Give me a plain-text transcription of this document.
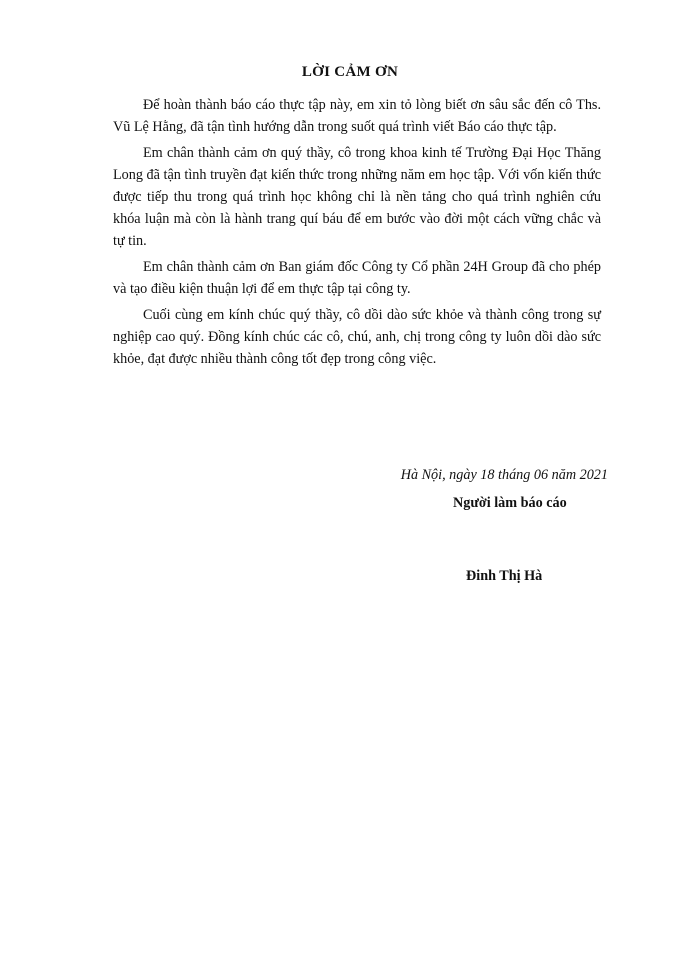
LỜI CẢM ƠN

Để hoàn thành báo cáo thực tập này, em xin tỏ lòng biết ơn sâu sắc đến cô Ths. Vũ Lệ Hằng, đã tận tình hướng dẫn trong suốt quá trình viết Báo cáo thực tập.

Em chân thành cảm ơn quý thầy, cô trong khoa kinh tế Trường Đại Học Thăng Long đã tận tình truyền đạt kiến thức trong những năm em học tập. Với vốn kiến thức được tiếp thu trong quá trình học không chỉ là nền tảng cho quá trình nghiên cứu khóa luận mà còn là hành trang quí báu để em bước vào đời một cách vững chắc và tự tin.

Em chân thành cảm ơn Ban giám đốc Công ty Cổ phần 24H Group đã cho phép và tạo điều kiện thuận lợi để em thực tập tại công ty.

Cuối cùng em kính chúc quý thầy, cô dồi dào sức khỏe và thành công trong sự nghiệp cao quý. Đồng kính chúc các cô, chú, anh, chị trong công ty luôn dồi dào sức khỏe, đạt được nhiều thành công tốt đẹp trong công việc.

Hà Nội, ngày 18 tháng 06 năm 2021
Người làm báo cáo
Đinh Thị Hà
